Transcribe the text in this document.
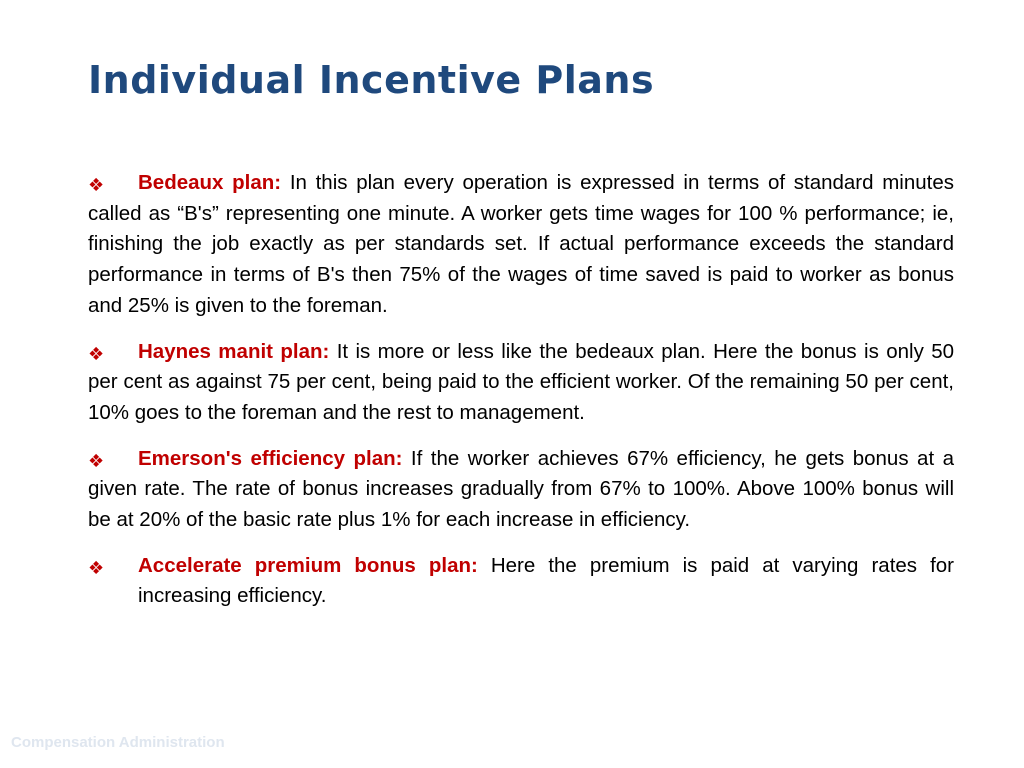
Individual Incentive Plans

❖ Bedeaux plan: In this plan every operation is expressed in terms of standard minutes called as “B's” representing one minute. A worker gets time wages for 100 % performance; ie, finishing the job exactly as per standards set. If actual performance exceeds the standard performance in terms of B's then 75% of the wages of time saved is paid to worker as bonus and 25% is given to the foreman.

❖ Haynes manit plan: It is more or less like the bedeaux plan. Here the bonus is only 50 per cent as against 75 per cent, being paid to the efficient worker. Of the remaining 50 per cent, 10% goes to the foreman and the rest to management.

❖ Emerson's efficiency plan: If the worker achieves 67% efficiency, he gets bonus at a given rate. The rate of bonus increases gradually from 67% to 100%. Above 100% bonus will be at 20% of the basic rate plus 1% for each increase in efficiency.

❖ Accelerate premium bonus plan: Here the premium is paid at varying rates for increasing efficiency.

Compensation Administration
